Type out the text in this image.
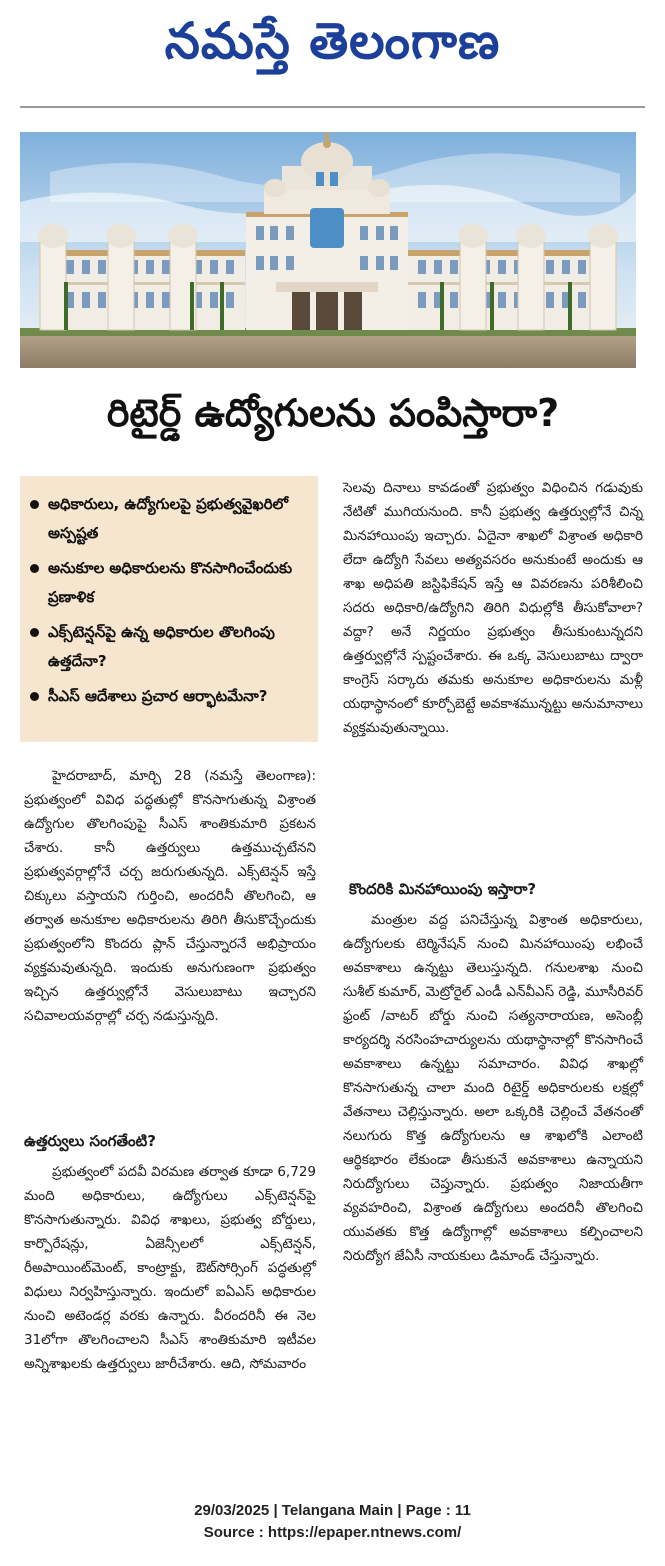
నమస్తే తెలంగాణ
రిటైర్డ్ ఉద్యోగులను పంపిస్తారా?
అధికారులు, ఉద్యోగులపై ప్రభుత్వవైఖరిలో అస్పష్టత
అనుకూల అధికారులను కొనసాగించేందుకు ప్రణాళిక
ఎక్స్‌టెన్షన్‌పై ఉన్న అధికారుల తొలగింపు ఉత్తదేనా?
సీఎస్ ఆదేశాలు ప్రచార ఆర్భాటమేనా?

హైదరాబాద్, మార్చి 28 (నమస్తే తెలంగాణ): ప్రభుత్వంలో వివిధ పద్ధతుల్లో కొనసాగుతున్న విశ్రాంత ఉద్యోగుల తొలగింపుపై సీఎస్ శాంతికుమారి ప్రకటన చేశారు. కానీ ఉత్తర్వులు ఉత్తముచ్చటేనని ప్రభుత్వవర్గాల్లోనే చర్చ జరుగుతున్నది. ఎక్స్‌టెన్షన్ ఇస్తే చిక్కులు వస్తాయని గుర్తించి, అందరినీ తొలగించి, ఆ తర్వాత అనుకూల అధికారులను తిరిగి తీసుకొచ్చేందుకు ప్రభుత్వంలోని కొందరు ప్లాన్ చేస్తున్నారనే అభిప్రాయం వ్యక్తమవుతున్నది. ఇందుకు అనుగుణంగా ప్రభుత్వం ఇచ్చిన ఉత్తర్వుల్లోనే వెసులుబాటు ఇచ్చారని సచివాలయవర్గాల్లో చర్చ నడుస్తున్నది.

ఉత్తర్వులు సంగతేంటి?

ప్రభుత్వంలో పదవీ విరమణ తర్వాత కూడా 6,729 మంది అధికారులు, ఉద్యోగులు ఎక్స్‌టెన్షన్‌పై కొనసాగుతున్నారు. వివిధ శాఖలు, ప్రభుత్వ బోర్డులు, కార్పొరేషన్లు, ఏజెన్సీలలో ఎక్స్‌టెన్షన్, రీఅపాయింట్‌మెంట్, కాంట్రాక్టు, ఔట్‌సోర్సింగ్ పద్ధతుల్లో విధులు నిర్వహిస్తున్నారు. ఇందులో ఐఏఎస్ అధికారుల నుంచి అటెండర్ల వరకు ఉన్నారు. వీరందరినీ ఈ నెల 31లోగా తొలగించాలని సీఎస్ శాంతికుమారి ఇటీవల అన్నిశాఖలకు ఉత్తర్వులు జారీచేశారు. ఆది, సోమవారం

సెలవు దినాలు కావడంతో ప్రభుత్వం విధించిన గడువుకు నేటితో ముగియనుంది. కానీ ప్రభుత్వ ఉత్తర్వుల్లోనే చిన్న మినహాయింపు ఇచ్చారు. ఏదైనా శాఖలో విశ్రాంత అధికారి లేదా ఉద్యోగి సేవలు అత్యవసరం అనుకుంటే అందుకు ఆ శాఖ అధిపతి జస్టిఫికేషన్ ఇస్తే ఆ వివరణను పరిశీలించి సదరు అధికారి/ఉద్యోగిని తిరిగి విధుల్లోకి తీసుకోవాలా? వద్దా? అనే నిర్ణయం ప్రభుత్వం తీసుకుంటున్నదని ఉత్తర్వుల్లోనే స్పష్టంచేశారు. ఈ ఒక్క వెసులుబాటు ద్వారా కాంగ్రెస్ సర్కారు తమకు అనుకూల అధికారులను మళ్లీ యథాస్థానంలో కూర్చోబెట్టే అవకాశమున్నట్టు అనుమానాలు వ్యక్తమవుతున్నాయి.

కొందరికి మినహాయింపు ఇస్తారా?

మంత్రుల వద్ద పనిచేస్తున్న విశ్రాంత అధికారులు, ఉద్యోగులకు టెర్మినేషన్ నుంచి మినహాయింపు లభించే అవకాశాలు ఉన్నట్టు తెలుస్తున్నది. గనులశాఖ నుంచి సుశీల్ కుమార్, మెట్రోరైల్ ఎండీ ఎన్‌వీఎస్ రెడ్డి, మూసీరివర్ ఫ్రంట్ /వాటర్ బోర్డు నుంచి సత్యనారాయణ, అసెంబ్లీ కార్యదర్శి నరసింహచార్యులను యథాస్థానాల్లో కొనసాగించే అవకాశాలు ఉన్నట్టు సమాచారం. వివిధ శాఖల్లో కొనసాగుతున్న చాలా మంది రిటైర్డ్ అధికారులకు లక్షల్లో వేతనాలు చెల్లిస్తున్నారు. అలా ఒక్కరికి చెల్లించే వేతనంతో నలుగురు కొత్త ఉద్యోగులను ఆ శాఖలోకి ఎలాంటి ఆర్థికభారం లేకుండా తీసుకునే అవకాశాలు ఉన్నాయని నిరుద్యోగులు చెప్తున్నారు. ప్రభుత్వం నిజాయతీగా వ్యవహరించి, విశ్రాంత ఉద్యోగులు అందరినీ తొలగించి యువతకు కొత్త ఉద్యోగాల్లో అవకాశాలు కల్పించాలని నిరుద్యోగ జేఏసీ నాయకులు డిమాండ్ చేస్తున్నారు.

29/03/2025 | Telangana Main | Page : 11
Source : https://epaper.ntnews.com/
